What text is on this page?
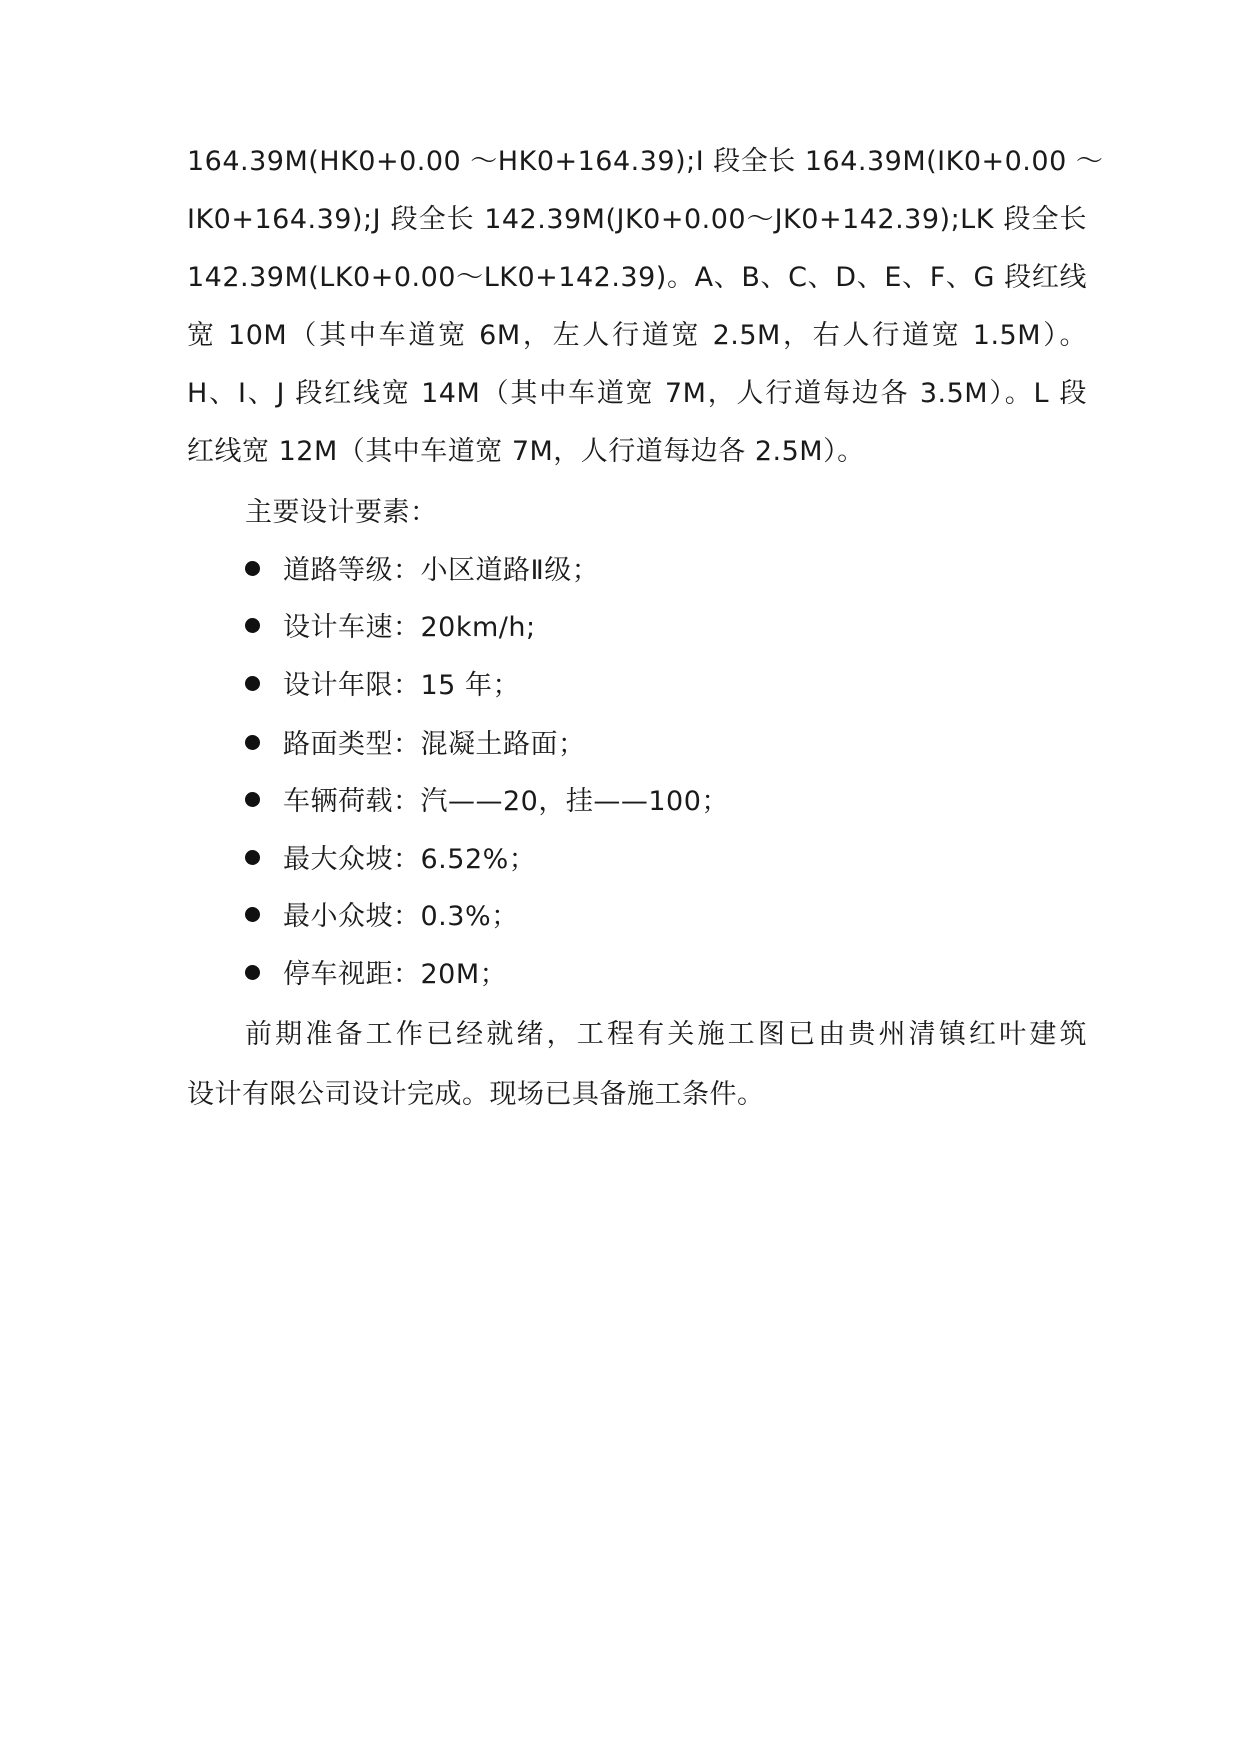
164.39M(HK0+0.00 ～HK0+164.39);I 段全长 164.39M(IK0+0.00 ～
IK0+164.39);J 段全长 142.39M(JK0+0.00～JK0+142.39);LK 段全长
142.39M(LK0+0.00～LK0+142.39)。A、B、C、D、E、F、G 段红线
宽 10M（其中车道宽 6M，左人行道宽 2.5M，右人行道宽 1.5M）。
H、I、J 段红线宽 14M（其中车道宽 7M，人行道每边各 3.5M）。L 段
红线宽 12M（其中车道宽 7M，人行道每边各 2.5M）。
主要设计要素：
道路等级：小区道路Ⅱ级；
设计车速：20km/h;
设计年限：15 年；
路面类型：混凝土路面；
车辆荷载：汽——20，挂——100；
最大众坡：6.52%；
最小众坡：0.3%；
停车视距：20M；
前期准备工作已经就绪，工程有关施工图已由贵州清镇红叶建筑
设计有限公司设计完成。现场已具备施工条件。
